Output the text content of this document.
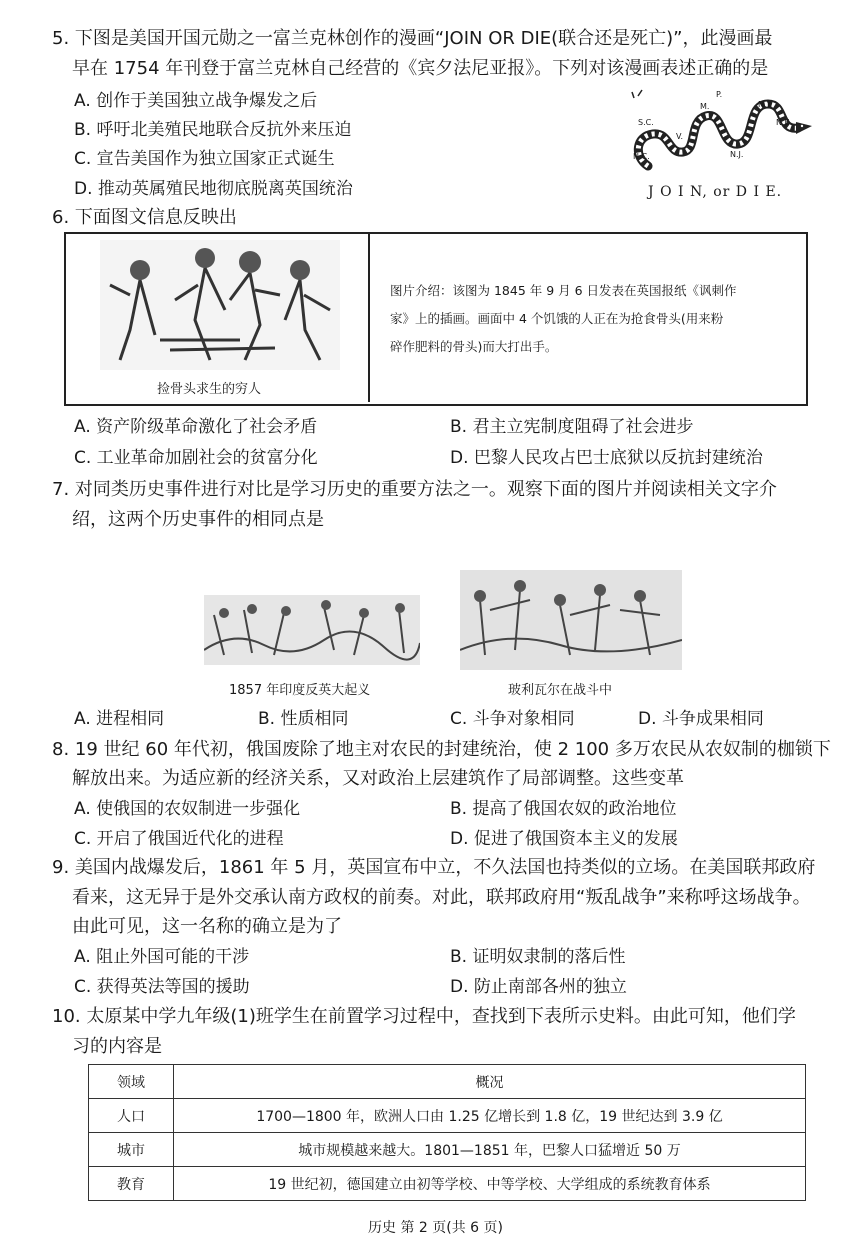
5. 下图是美国开国元勋之一富兰克林创作的漫画“JOIN OR DIE(联合还是死亡)”，此漫画最
早在 1754 年刊登于富兰克林自己经营的《宾夕法尼亚报》。下列对该漫画表述正确的是
A. 创作于美国独立战争爆发之后
B. 呼吁北美殖民地联合反抗外来压迫
C. 宣告美国作为独立国家正式诞生
D. 推动英属殖民地彻底脱离英国统治
N.C.
S.C.
V.
M.
P.
N.J.
N.Y.
N.E.
J O I N, or D I E.
6. 下面图文信息反映出
捡骨头求生的穷人
图片介绍：该图为 1845 年 9 月 6 日发表在英国报纸《讽刺作
家》上的插画。画面中 4 个饥饿的人正在为抢食骨头(用来粉
碎作肥料的骨头)而大打出手。
A. 资产阶级革命激化了社会矛盾	B. 君主立宪制度阻碍了社会进步
C. 工业革命加剧社会的贫富分化	D. 巴黎人民攻占巴士底狱以反抗封建统治
7. 对同类历史事件进行对比是学习历史的重要方法之一。观察下面的图片并阅读相关文字介
绍，这两个历史事件的相同点是
1857 年印度反英大起义	玻利瓦尔在战斗中
A. 进程相同	B. 性质相同	C. 斗争对象相同	D. 斗争成果相同
8. 19 世纪 60 年代初，俄国废除了地主对农民的封建统治，使 2 100 多万农民从农奴制的枷锁下
解放出来。为适应新的经济关系，又对政治上层建筑作了局部调整。这些变革
A. 使俄国的农奴制进一步强化	B. 提高了俄国农奴的政治地位
C. 开启了俄国近代化的进程	D. 促进了俄国资本主义的发展
9. 美国内战爆发后，1861 年 5 月，英国宣布中立，不久法国也持类似的立场。在美国联邦政府
看来，这无异于是外交承认南方政权的前奏。对此，联邦政府用“叛乱战争”来称呼这场战争。
由此可见，这一名称的确立是为了
A. 阻止外国可能的干涉	B. 证明奴隶制的落后性
C. 获得英法等国的援助	D. 防止南部各州的独立
10. 太原某中学九年级(1)班学生在前置学习过程中，查找到下表所示史料。由此可知，他们学
习的内容是
领域	概况
人口	1700—1800 年，欧洲人口由 1.25 亿增长到 1.8 亿，19 世纪达到 3.9 亿
城市	城市规模越来越大。1801—1851 年，巴黎人口猛增近 50 万
教育	19 世纪初，德国建立由初等学校、中等学校、大学组成的系统教育体系
历史 第 2 页(共 6 页)
